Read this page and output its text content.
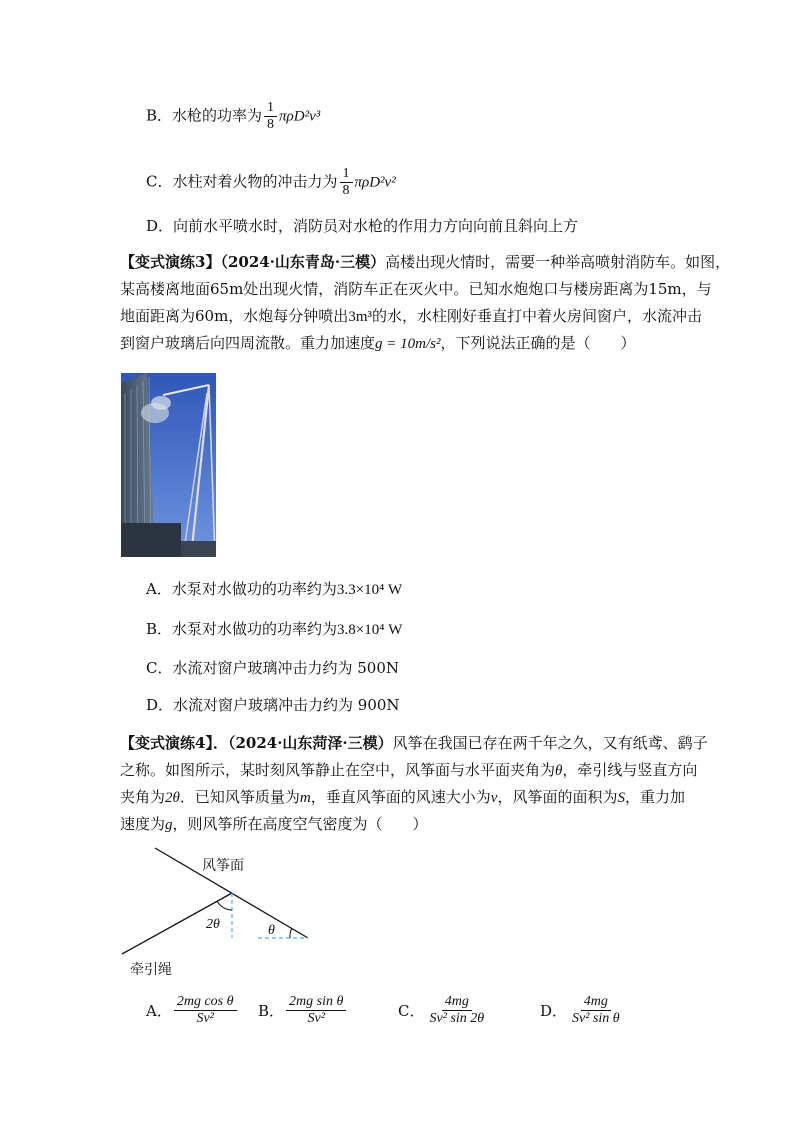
B．水枪的功率为 $\frac{1}{8} \pi\rho D^2v^3$
C．水柱对着火物的冲击力为 $\frac{1}{8} \pi\rho D^2v^2$
D．向前水平喷水时，消防员对水枪的作用力方向向前且斜向上方
【变式演练3】（2024·山东青岛·三模）高楼出现火情时，需要一种举高喷射消防车。如图，
某高楼离地面65m处出现火情，消防车正在灭火中。已知水炮炮口与楼房距离为15m，与
地面距离为60m，水炮每分钟喷出3m³的水，水柱刚好垂直打中着火房间窗户，水流冲击
到窗户玻璃后向四周流散。重力加速度g = 10m/s²，下列说法正确的是（　　）
A．水泵对水做功的功率约为3.3×10⁴ W
B．水泵对水做功的功率约为3.8×10⁴ W
C．水流对窗户玻璃冲击力约为 500N
D．水流对窗户玻璃冲击力约为 900N
【变式演练4】．（2024·山东菏泽·三模）风筝在我国已存在两千年之久，又有纸鸢、鹞子
之称。如图所示，某时刻风筝静止在空中，风筝面与水平面夹角为θ，牵引线与竖直方向
夹角为2θ．已知风筝质量为m，垂直风筝面的风速大小为v，风筝面的面积为S，重力加
速度为g，则风筝所在高度空气密度为（　　）
风筝面
2θ	θ
牵引绳
A． $\frac{\text{2mg cos θ}}{\text{Sv²}}$ B． $\frac{\text{2mg sin θ}}{\text{Sv²}}$	C． $\frac{4mg}{\text{Sv² sin 2θ}}$	D． $\frac{4mg}{\text{Sv² sin θ}}$
